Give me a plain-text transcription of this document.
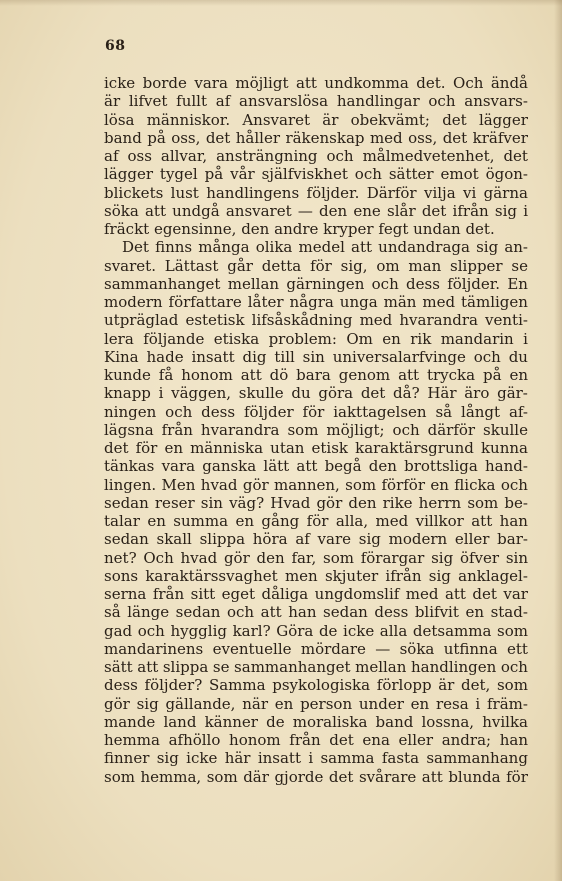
68
icke borde vara möjligt att undkomma det. Och ändå
är lifvet fullt af ansvarslösa handlingar och ansvars-
lösa människor. Ansvaret är obekvämt; det lägger
band på oss, det håller räkenskap med oss, det kräfver
af oss allvar, ansträngning och målmedvetenhet, det
lägger tygel på vår själfviskhet och sätter emot ögon-
blickets lust handlingens följder. Därför vilja vi gärna
söka att undgå ansvaret — den ene slår det ifrån sig i
fräckt egensinne, den andre kryper fegt undan det.
Det finns många olika medel att undandraga sig an-
svaret. Lättast går detta för sig, om man slipper se
sammanhanget mellan gärningen och dess följder. En
modern författare låter några unga män med tämligen
utpräglad estetisk lifsåskådning med hvarandra venti-
lera följande etiska problem: Om en rik mandarin i
Kina hade insatt dig till sin universalarfvinge och du
kunde få honom att dö bara genom att trycka på en
knapp i väggen, skulle du göra det då? Här äro gär-
ningen och dess följder för iakttagelsen så långt af-
lägsna från hvarandra som möjligt; och därför skulle
det för en människa utan etisk karaktärsgrund kunna
tänkas vara ganska lätt att begå den brottsliga hand-
lingen. Men hvad gör mannen, som förför en flicka och
sedan reser sin väg? Hvad gör den rike herrn som be-
talar en summa en gång för alla, med villkor att han
sedan skall slippa höra af vare sig modern eller bar-
net? Och hvad gör den far, som förargar sig öfver sin
sons karaktärssvaghet men skjuter ifrån sig anklagel-
serna från sitt eget dåliga ungdomslif med att det var
så länge sedan och att han sedan dess blifvit en stad-
gad och hygglig karl? Göra de icke alla detsamma som
mandarinens eventuelle mördare — söka utfinna ett
sätt att slippa se sammanhanget mellan handlingen och
dess följder? Samma psykologiska förlopp är det, som
gör sig gällande, när en person under en resa i främ-
mande land känner de moraliska band lossna, hvilka
hemma afhöllo honom från det ena eller andra; han
finner sig icke här insatt i samma fasta sammanhang
som hemma, som där gjorde det svårare att blunda för
